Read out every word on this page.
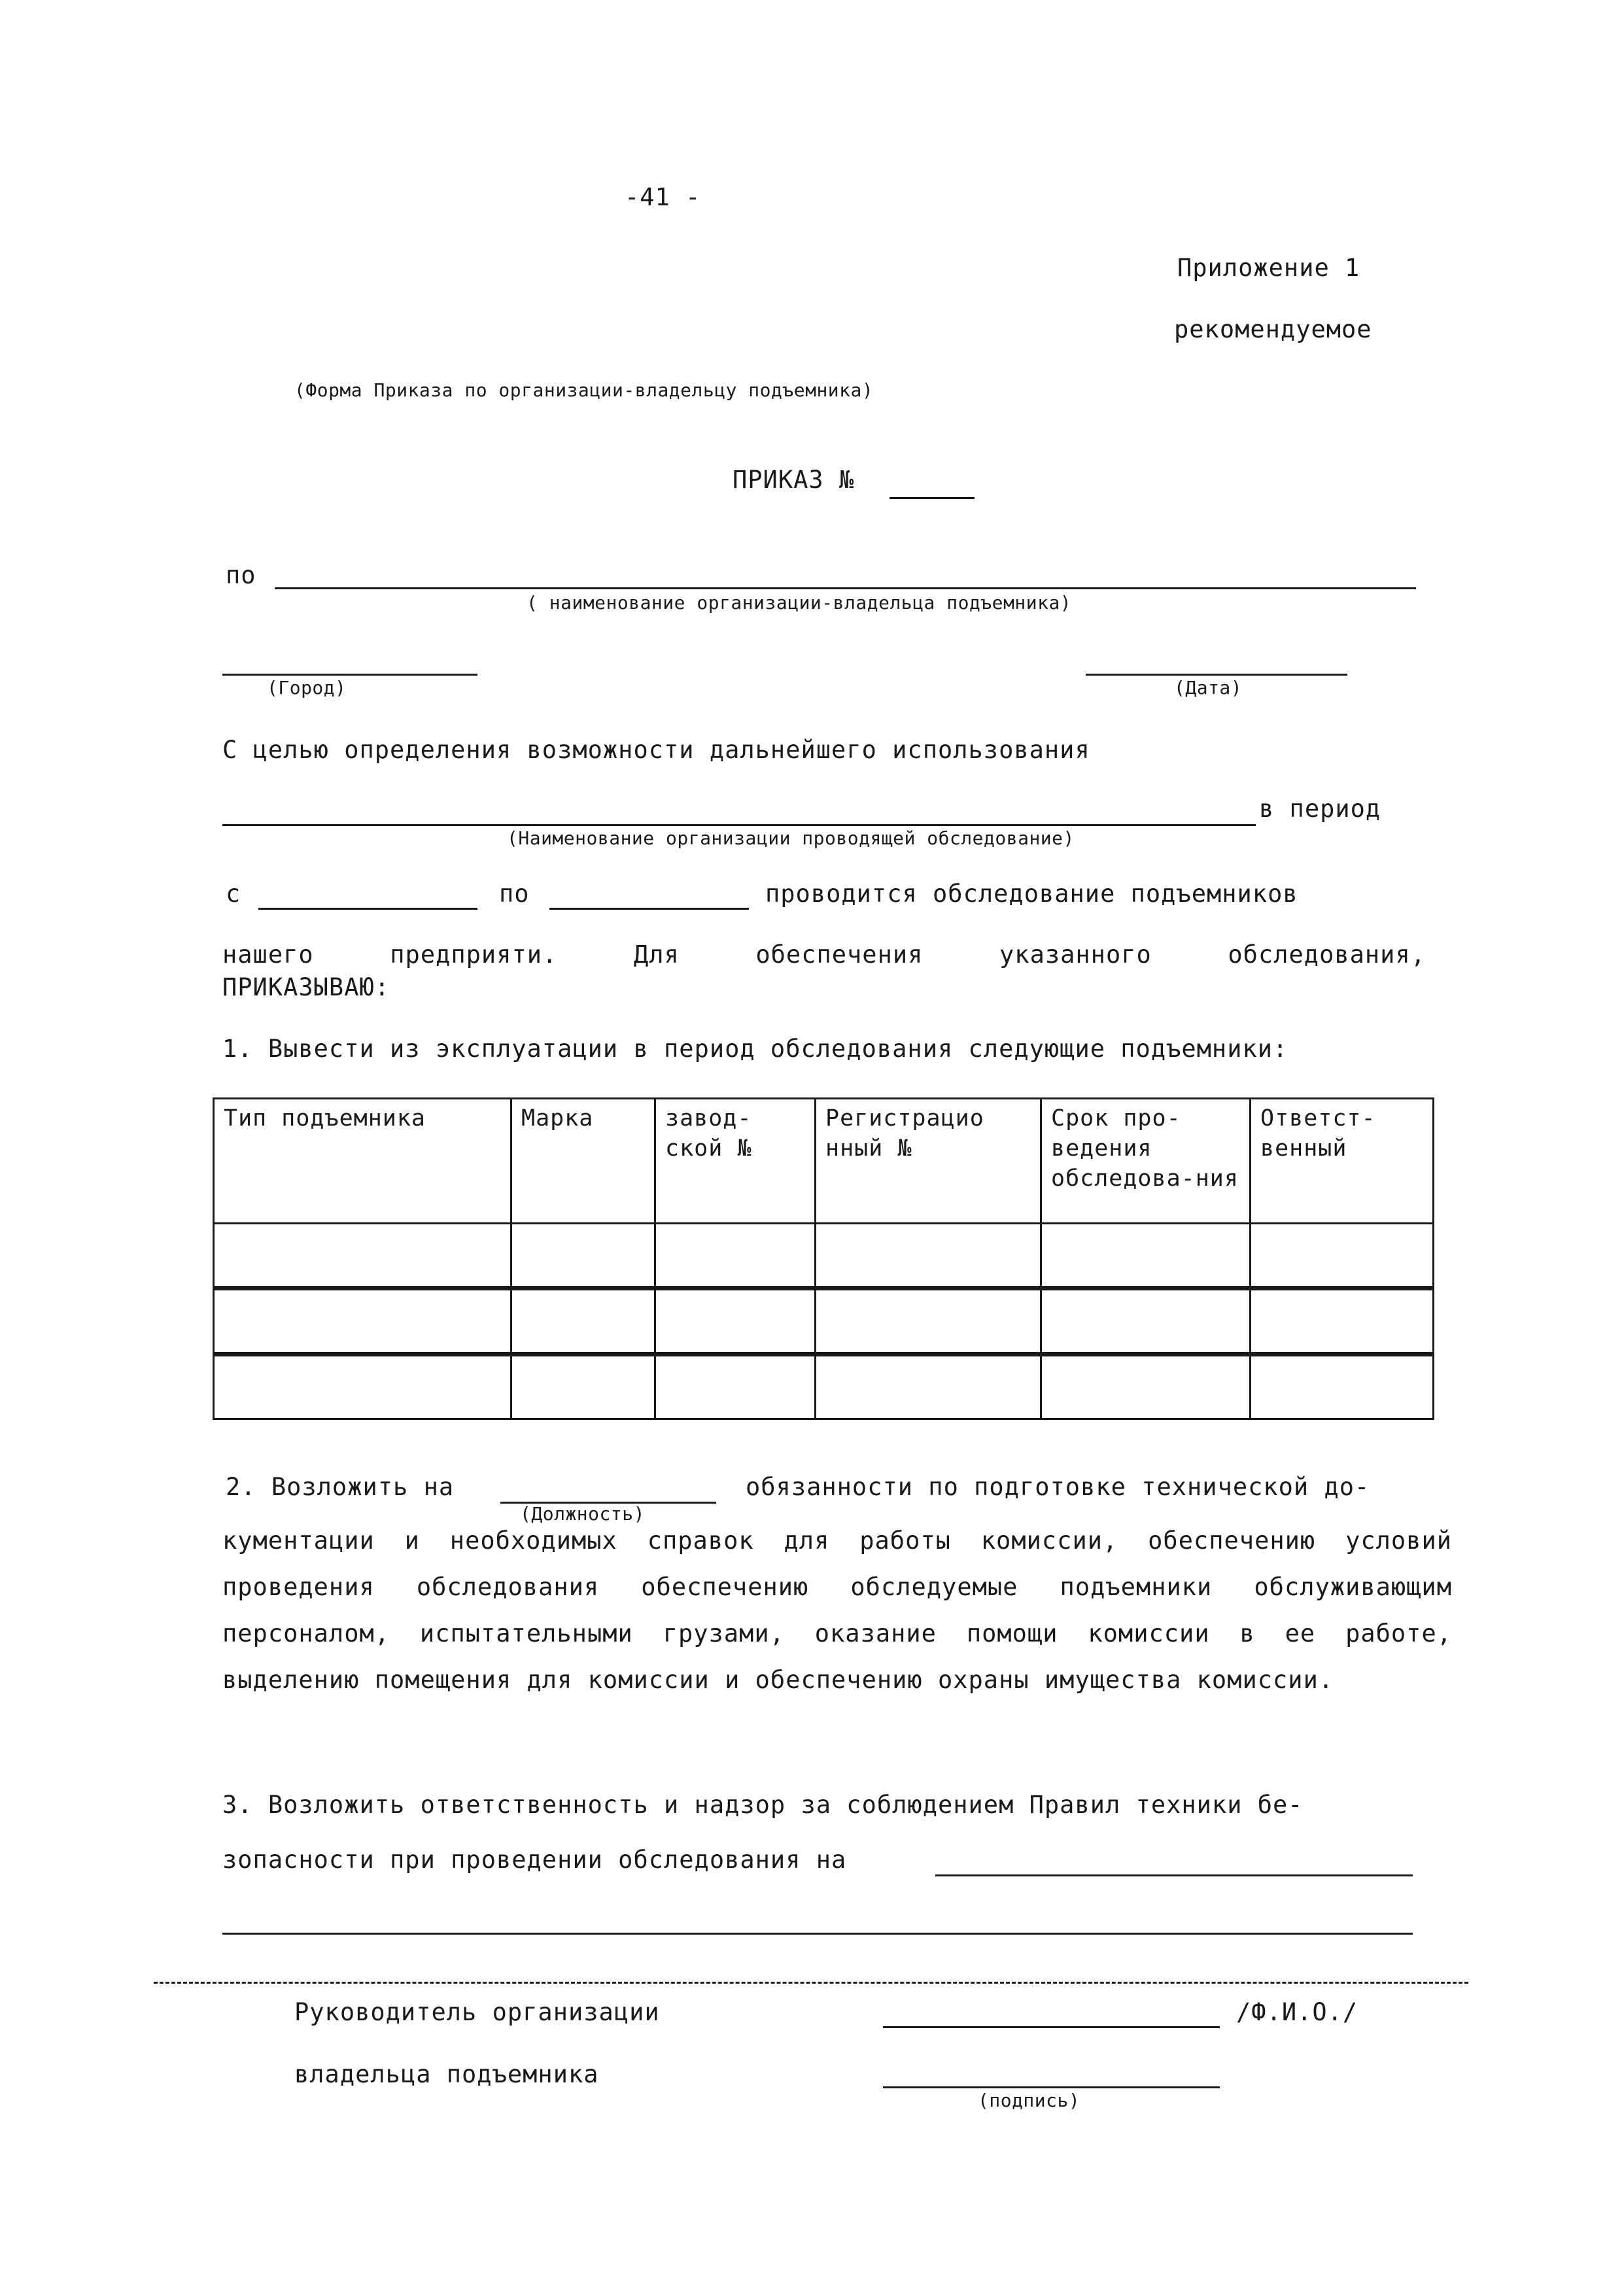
-41 -
Приложение 1
рекомендуемое
(Форма Приказа по организации-владельцу подъемника)
ПРИКАЗ №
по
( наименование организации-владельца подъемника)
(Город)	(Дата)
С целью определения возможности дальнейшего использования
в период
(Наименование организации проводящей обследование)
с	по	проводится обследование подъемников
нашего предприяти. Для обеспечения указанного обследования,
ПРИКАЗЫВАЮ:
1. Вывести из эксплуатации в период обследования следующие подъемники:
Тип подъемника	Марка	завод-ской №	Регистрацио нный №	Срок про-ведения обследова-ния	Ответст-венный

2. Возложить на
(Должность)
обязанности по подготовке технической до-
кументации и необходимых справок для работы комиссии, обеспечению условий проведения обследования обеспечению обследуемые подъемники обслуживающим персоналом, испытательными грузами, оказание помощи комиссии в ее работе, выделению помещения для комиссии и обеспечению охраны имущества комиссии.
3. Возложить ответственность и надзор за соблюдением Правил техники бе-
зопасности при проведении обследования на
Руководитель организации	/Ф.И.О./
владельца подъемника
(подпись)
